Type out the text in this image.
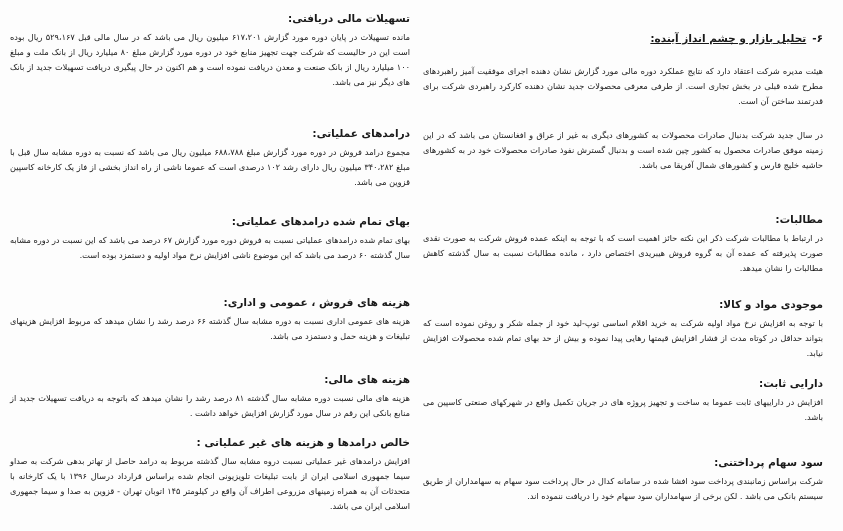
۶-تحلیل بازار و چشم انداز آینده:

هیئت مدیره شرکت اعتقاد دارد که نتایج عملکرد دوره مالی مورد گزارش نشان دهنده اجرای موفقیت آمیز راهبردهای مطرح شده قبلی در بخش تجاری است. از طرفی معرفی محصولات جدید نشان دهنده کارکرد راهبردی شرکت برای قدرتمند ساختن آن است.

در سال جدید شرکت بدنبال صادرات محصولات به کشورهای دیگری به غیر از عراق و افغانستان می باشد که در این زمینه موفق صادرات محصول به کشور چین شده است و بدنبال گسترش نفوذ صادرات محصولات خود در به کشورهای حاشیه خلیج فارس و کشورهای شمال آفریقا می باشد.

مطالبات:

در ارتباط با مطالبات شرکت ذکر این نکته حائز اهمیت است که با توجه به اینکه عمده فروش شرکت به صورت نقدی صورت پذیرفته که عمده آن به گروه فروش هیبریدی اختصاص دارد ، مانده مطالبات نسبت به سال گذشته کاهش مطالبات را نشان میدهد.

موجودی مواد و کالا:

با توجه به افزایش نرخ مواد اولیه شرکت به خرید اقلام اساسی توپ-لید خود از جمله شکر و روغن نموده است که بتواند حداقل در کوتاه مدت از فشار افزایش قیمتها رهایی پیدا نموده و بیش از حد بهای تمام شده محصولات افزایش نیابد.

دارایی ثابت:

افزایش در داراییهای ثابت عموما به ساخت و تجهیز پروژه های در جریان تکمیل واقع در شهرکهای صنعتی کاسپین می باشد.

سود سهام پرداختنی:

شرکت براساس زمانبندی پرداخت سود افشا شده در سامانه کدال در حال پرداخت سود سهام به سهامداران از طریق سیستم بانکی می باشد . لکن برخی از سهامداران سود سهام خود را دریافت ننموده اند.

تسهیلات مالی دریافتی:

مانده تسهیلات در پایان دوره مورد گزارش ۶۱۷،۲۰۱ میلیون ریال می باشد که در سال مالی قبل ۵۲۹،۱۶۷ ریال بوده است این در حالیست که شرکت جهت تجهیز منابع خود در دوره مورد گزارش مبلغ ۸۰ میلیارد ریال از بانک ملت و مبلغ ۱۰۰ میلیارد ریال از بانک صنعت و معدن دریافت نموده است و هم اکنون در حال پیگیری دریافت تسهیلات جدید از بانک های دیگر نیز می باشد.

درامدهای عملیاتی:

مجموع درامد فروش در دوره مورد گزارش مبلغ ۶۸۸،۷۸۸ میلیون ریال می باشد که نسبت به دوره مشابه سال قبل با مبلغ ۳۴۰،۲۸۲ میلیون ریال دارای رشد ۱۰۲ درصدی است که عموما ناشی از راه انداز بخشی از فاز یک کارخانه کاسپین قزوین می باشد.

بهای تمام شده درامدهای عملیاتی:

بهای تمام شده درامدهای عملیاتی نسبت به فروش دوره مورد گزارش ۶۷ درصد می باشد که این نسبت در دوره مشابه سال گذشته ۶۰ درصد می باشد که این موضوع ناشی افزایش نرخ مواد اولیه و دستمزد بوده است.

هزینه های فروش ، عمومی و اداری:

هزینه های عمومی اداری نسبت به دوره مشابه سال گذشته ۶۶ درصد رشد را نشان میدهد که مربوط افزایش هزینهای تبلیغات و هزینه حمل و دستمزد می باشد.

هزینه های مالی:

هزینه های مالی نسبت دوره مشابه سال گذشته ۸۱ درصد رشد را نشان میدهد که باتوجه به دریافت تسهیلات جدید از منابع بانکی این رقم در سال مورد گزارش افزایش خواهد داشت .

خالص درامدها و هزینه های غیر عملیاتی :

افزایش درامدهای غیر عملیاتی نسبت دروه مشابه سال گذشته مربوط به درامد حاصل از تهاتر بدهی شرکت به صداو سیما جمهوری اسلامی ایران از بابت تبلیغات تلویزیونی انجام شده براساس قرارداد درسال ۱۳۹۶ با یک کارخانه با متحدثات آن به همراه زمینهای مزروعی اطراف آن واقع در کیلومتر ۱۴۵ اتوبان تهران - قزوین به صدا و سیما جمهوری اسلامی ایران می باشد.
